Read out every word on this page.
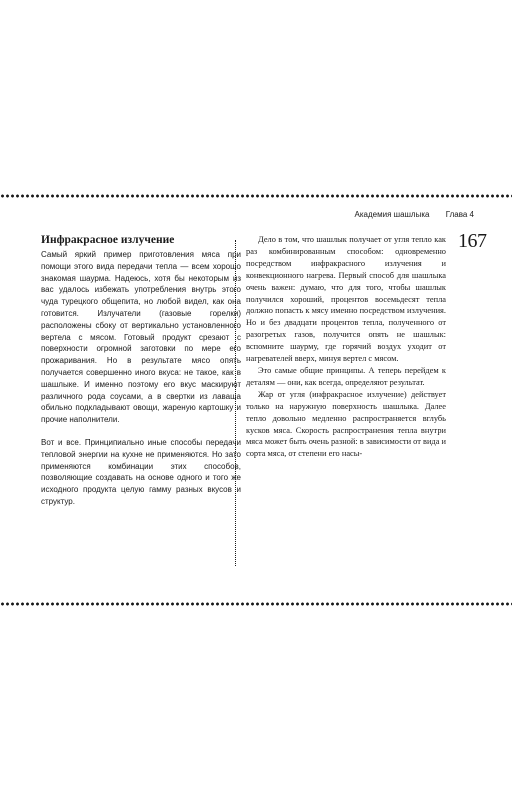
Академия шашлыка Глава 4
167
Инфракрасное излучение

Самый яркий пример приготовления мяса при помощи этого вида передачи тепла — всем хорошо знакомая шаурма. Надеюсь, хотя бы некоторым из вас удалось избежать употребления внутрь этого чуда турецкого общепита, но любой видел, как она готовится. Излучатели (газовые горелки) расположены сбоку от вертикально установленного вертела с мясом. Готовый продукт срезают с поверхности огромной заготовки по мере его прожаривания. Но в результате мясо опять получается совершенно иного вкуса: не такое, как в шашлыке. И именно поэтому его вкус маскируют различного рода соусами, а в свертки из лаваша обильно подкладывают овощи, жареную картошку и прочие наполнители.

Вот и все. Принципиально иные способы передачи тепловой энергии на кухне не применяются. Но зато применяются комбинации этих способов, позволяющие создавать на основе одного и того же исходного продукта целую гамму разных вкусов и структур.

Дело в том, что шашлык получает от угля тепло как раз комбинированным способом: одновременно посредством инфракрасного излучения и конвекционного нагрева. Первый способ для шашлыка очень важен: думаю, что для того, чтобы шашлык получился хороший, процентов восемьдесят тепла должно попасть к мясу именно посредством излучения. Но и без двадцати процентов тепла, полученного от разогретых газов, получится опять не шашлык: вспомните шаурму, где горячий воздух уходит от нагревателей вверх, минуя вертел с мясом.

Это самые общие принципы. А теперь перейдем к деталям — они, как всегда, определяют результат.

Жар от угля (инфракрасное излучение) действует только на наружную поверхность шашлыка. Далее тепло довольно медленно распространяется вглубь кусков мяса. Скорость распространения тепла внутри мяса может быть очень разной: в зависимости от вида и сорта мяса, от степени его насы-
